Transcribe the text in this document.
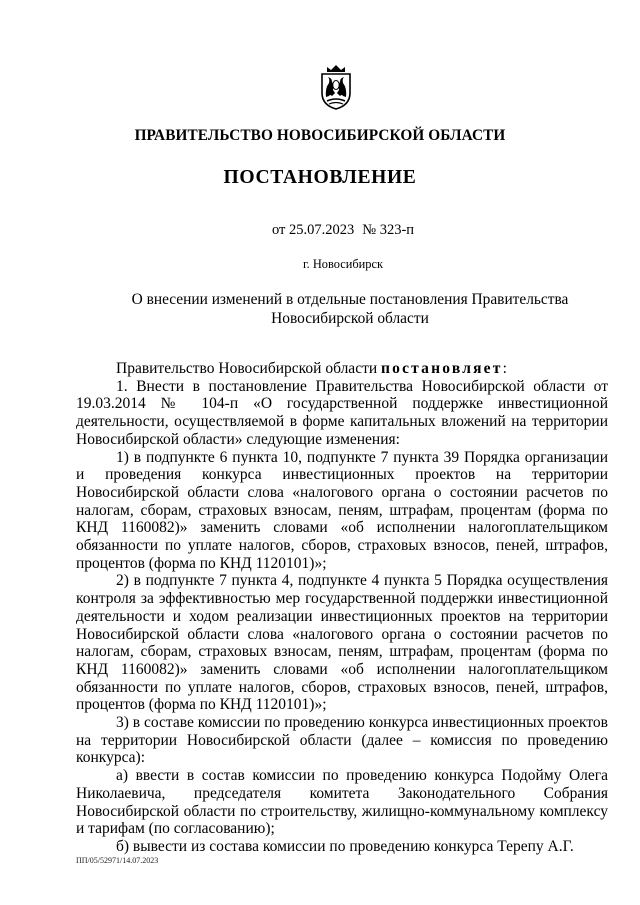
ПРАВИТЕЛЬСТВО НОВОСИБИРСКОЙ ОБЛАСТИ
ПОСТАНОВЛЕНИЕ
от 25.07.2023 № 323-п
г. Новосибирск
О внесении изменений в отдельные постановления Правительства
Новосибирской области

Правительство Новосибирской области постановляет:

1. Внести в постановление Правительства Новосибирской области от 19.03.2014 № 104-п «О государственной поддержке инвестиционной деятельности, осуществляемой в форме капитальных вложений на территории Новосибирской области» следующие изменения:

1) в подпункте 6 пункта 10, подпункте 7 пункта 39 Порядка организации и проведения конкурса инвестиционных проектов на территории Новосибирской области слова «налогового органа о состоянии расчетов по налогам, сборам, страховых взносам, пеням, штрафам, процентам (форма по КНД 1160082)» заменить словами «об исполнении налогоплательщиком обязанности по уплате налогов, сборов, страховых взносов, пеней, штрафов, процентов (форма по КНД 1120101)»;

2) в подпункте 7 пункта 4, подпункте 4 пункта 5 Порядка осуществления контроля за эффективностью мер государственной поддержки инвестиционной деятельности и ходом реализации инвестиционных проектов на территории Новосибирской области слова «налогового органа о состоянии расчетов по налогам, сборам, страховых взносам, пеням, штрафам, процентам (форма по КНД 1160082)» заменить словами «об исполнении налогоплательщиком обязанности по уплате налогов, сборов, страховых взносов, пеней, штрафов, процентов (форма по КНД 1120101)»;

3) в составе комиссии по проведению конкурса инвестиционных проектов на территории Новосибирской области (далее – комиссия по проведению конкурса):

а) ввести в состав комиссии по проведению конкурса Подойму Олега Николаевича, председателя комитета Законодательного Собрания Новосибирской области по строительству, жилищно-коммунальному комплексу и тарифам (по согласованию);

б) вывести из состава комиссии по проведению конкурса Терепу А.Г.

ПП/05/52971/14.07.2023
